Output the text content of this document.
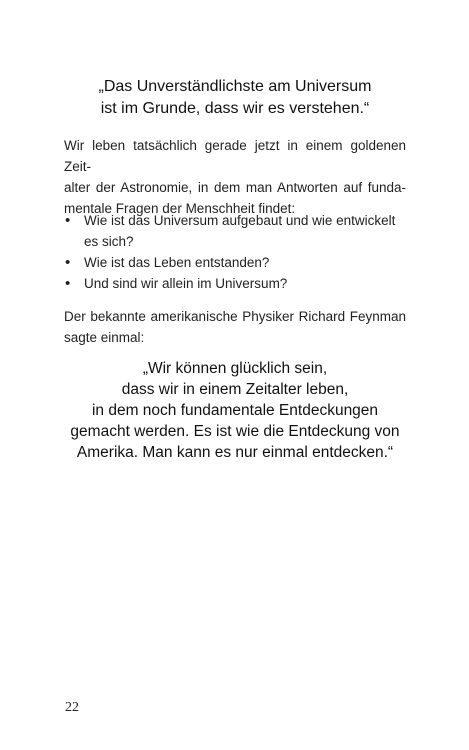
„Das Unverständlichste am Universum
ist im Grunde, dass wir es verstehen.“
Wir leben tatsächlich gerade jetzt in einem goldenen Zeit-
alter der Astronomie, in dem man Antworten auf funda-
mentale Fragen der Menschheit findet:
• Wie ist das Universum aufgebaut und wie entwickelt es sich?
• Wie ist das Leben entstanden?
• Und sind wir allein im Universum?
Der bekannte amerikanische Physiker Richard Feynman
sagte einmal:
„Wir können glücklich sein,
dass wir in einem Zeitalter leben,
in dem noch fundamentale Entdeckungen
gemacht werden. Es ist wie die Entdeckung von
Amerika. Man kann es nur einmal entdecken.“
22
